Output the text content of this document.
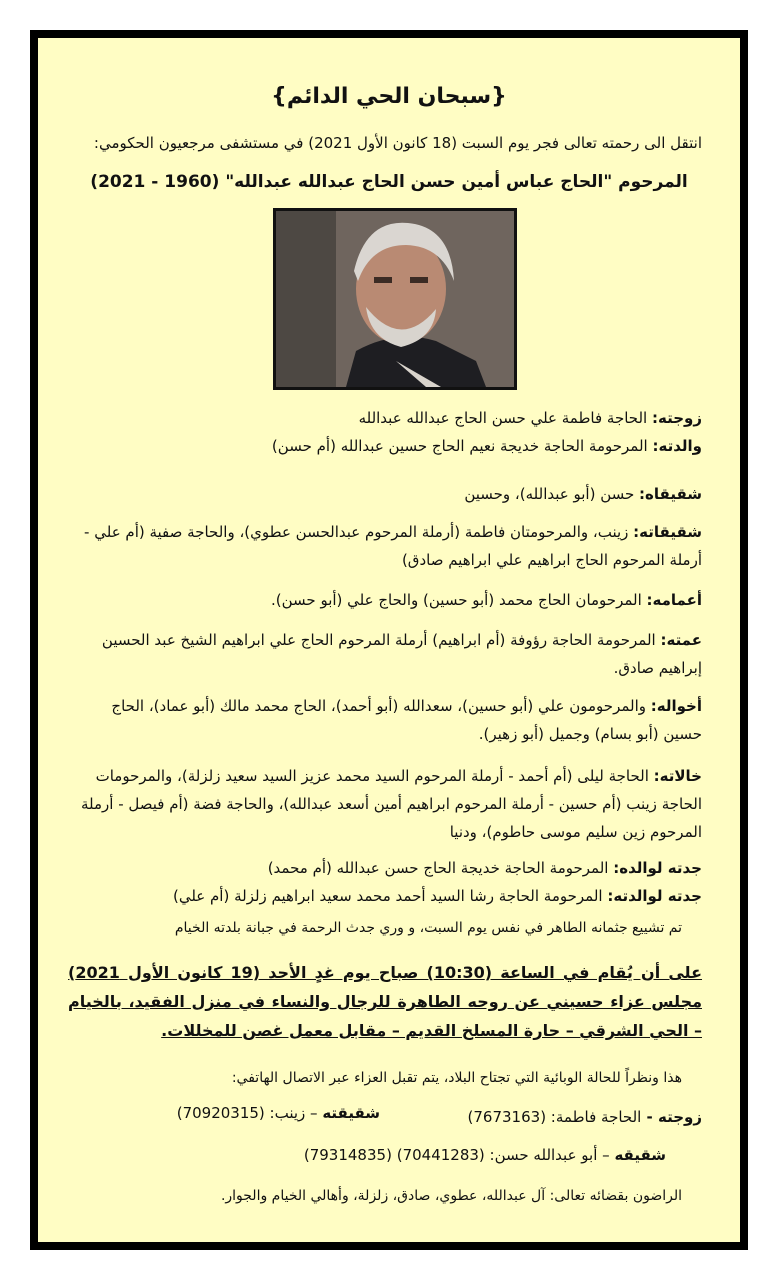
{سبحان الحي الدائم}
انتقل الى رحمته تعالى فجر يوم السبت (18 كانون الأول 2021) في مستشفى مرجعيون الحكومي:
المرحوم "الحاج عباس أمين حسن الحاج عبدالله عبدالله" (1960 - 2021)
زوجته: الحاجة فاطمة علي حسن الحاج عبدالله عبدالله
والدته: المرحومة الحاجة خديجة نعيم الحاج حسين عبدالله (أم حسن)
شقيقاه: حسن (أبو عبدالله)، وحسين
شقيقاته: زينب، والمرحومتان فاطمة (أرملة المرحوم عبدالحسن عطوي)، والحاجة صفية (أم علي - أرملة المرحوم الحاج ابراهيم علي ابراهيم صادق)
أعمامه: المرحومان الحاج محمد (أبو حسين) والحاج علي (أبو حسن).
عمته: المرحومة الحاجة رؤوفة (أم ابراهيم) أرملة المرحوم الحاج علي ابراهيم الشيخ عبد الحسين إبراهيم صادق.
أخواله: والمرحومون علي (أبو حسين)، سعدالله (أبو أحمد)، الحاج محمد مالك (أبو عماد)، الحاج حسين (أبو بسام) وجميل (أبو زهير).
خالاته: الحاجة ليلى (أم أحمد - أرملة المرحوم السيد محمد عزيز السيد سعيد زلزلة)، والمرحومات الحاجة زينب (أم حسين - أرملة المرحوم ابراهيم أمين أسعد عبدالله)، والحاجة فضة (أم فيصل - أرملة المرحوم زين سليم موسى حاطوم)، ودنيا
جدته لوالده: المرحومة الحاجة خديجة الحاج حسن عبدالله (أم محمد)
جدته لوالدته: المرحومة الحاجة رشا السيد أحمد محمد سعيد ابراهيم زلزلة (أم علي)
تم تشييع جثمانه الطاهر في نفس يوم السبت، و وري جدث الرحمة في جبانة بلدته الخيام
على أن يُقام في الساعة (10:30) صباح يوم غدٍ الأحد (19 كانون الأول 2021) مجلس عزاء حسيني عن روحه الطاهرة للرجال والنساء في منزل الفقيد، بالخيام – الحي الشرقي – حارة المسلخ القديم – مقابل معمل غصن للمخللات.
هذا ونظراً للحالة الوبائية التي تجتاح البلاد، يتم تقبل العزاء عبر الاتصال الهاتفي:
زوجته - الحاجة فاطمة: (7673163)
شقيقته – زينب: (70920315)
شقيقه – أبو عبدالله حسن: (70441283) (79314835)
الراضون بقضائه تعالى: آل عبدالله، عطوي، صادق، زلزلة، وأهالي الخيام والجوار.
